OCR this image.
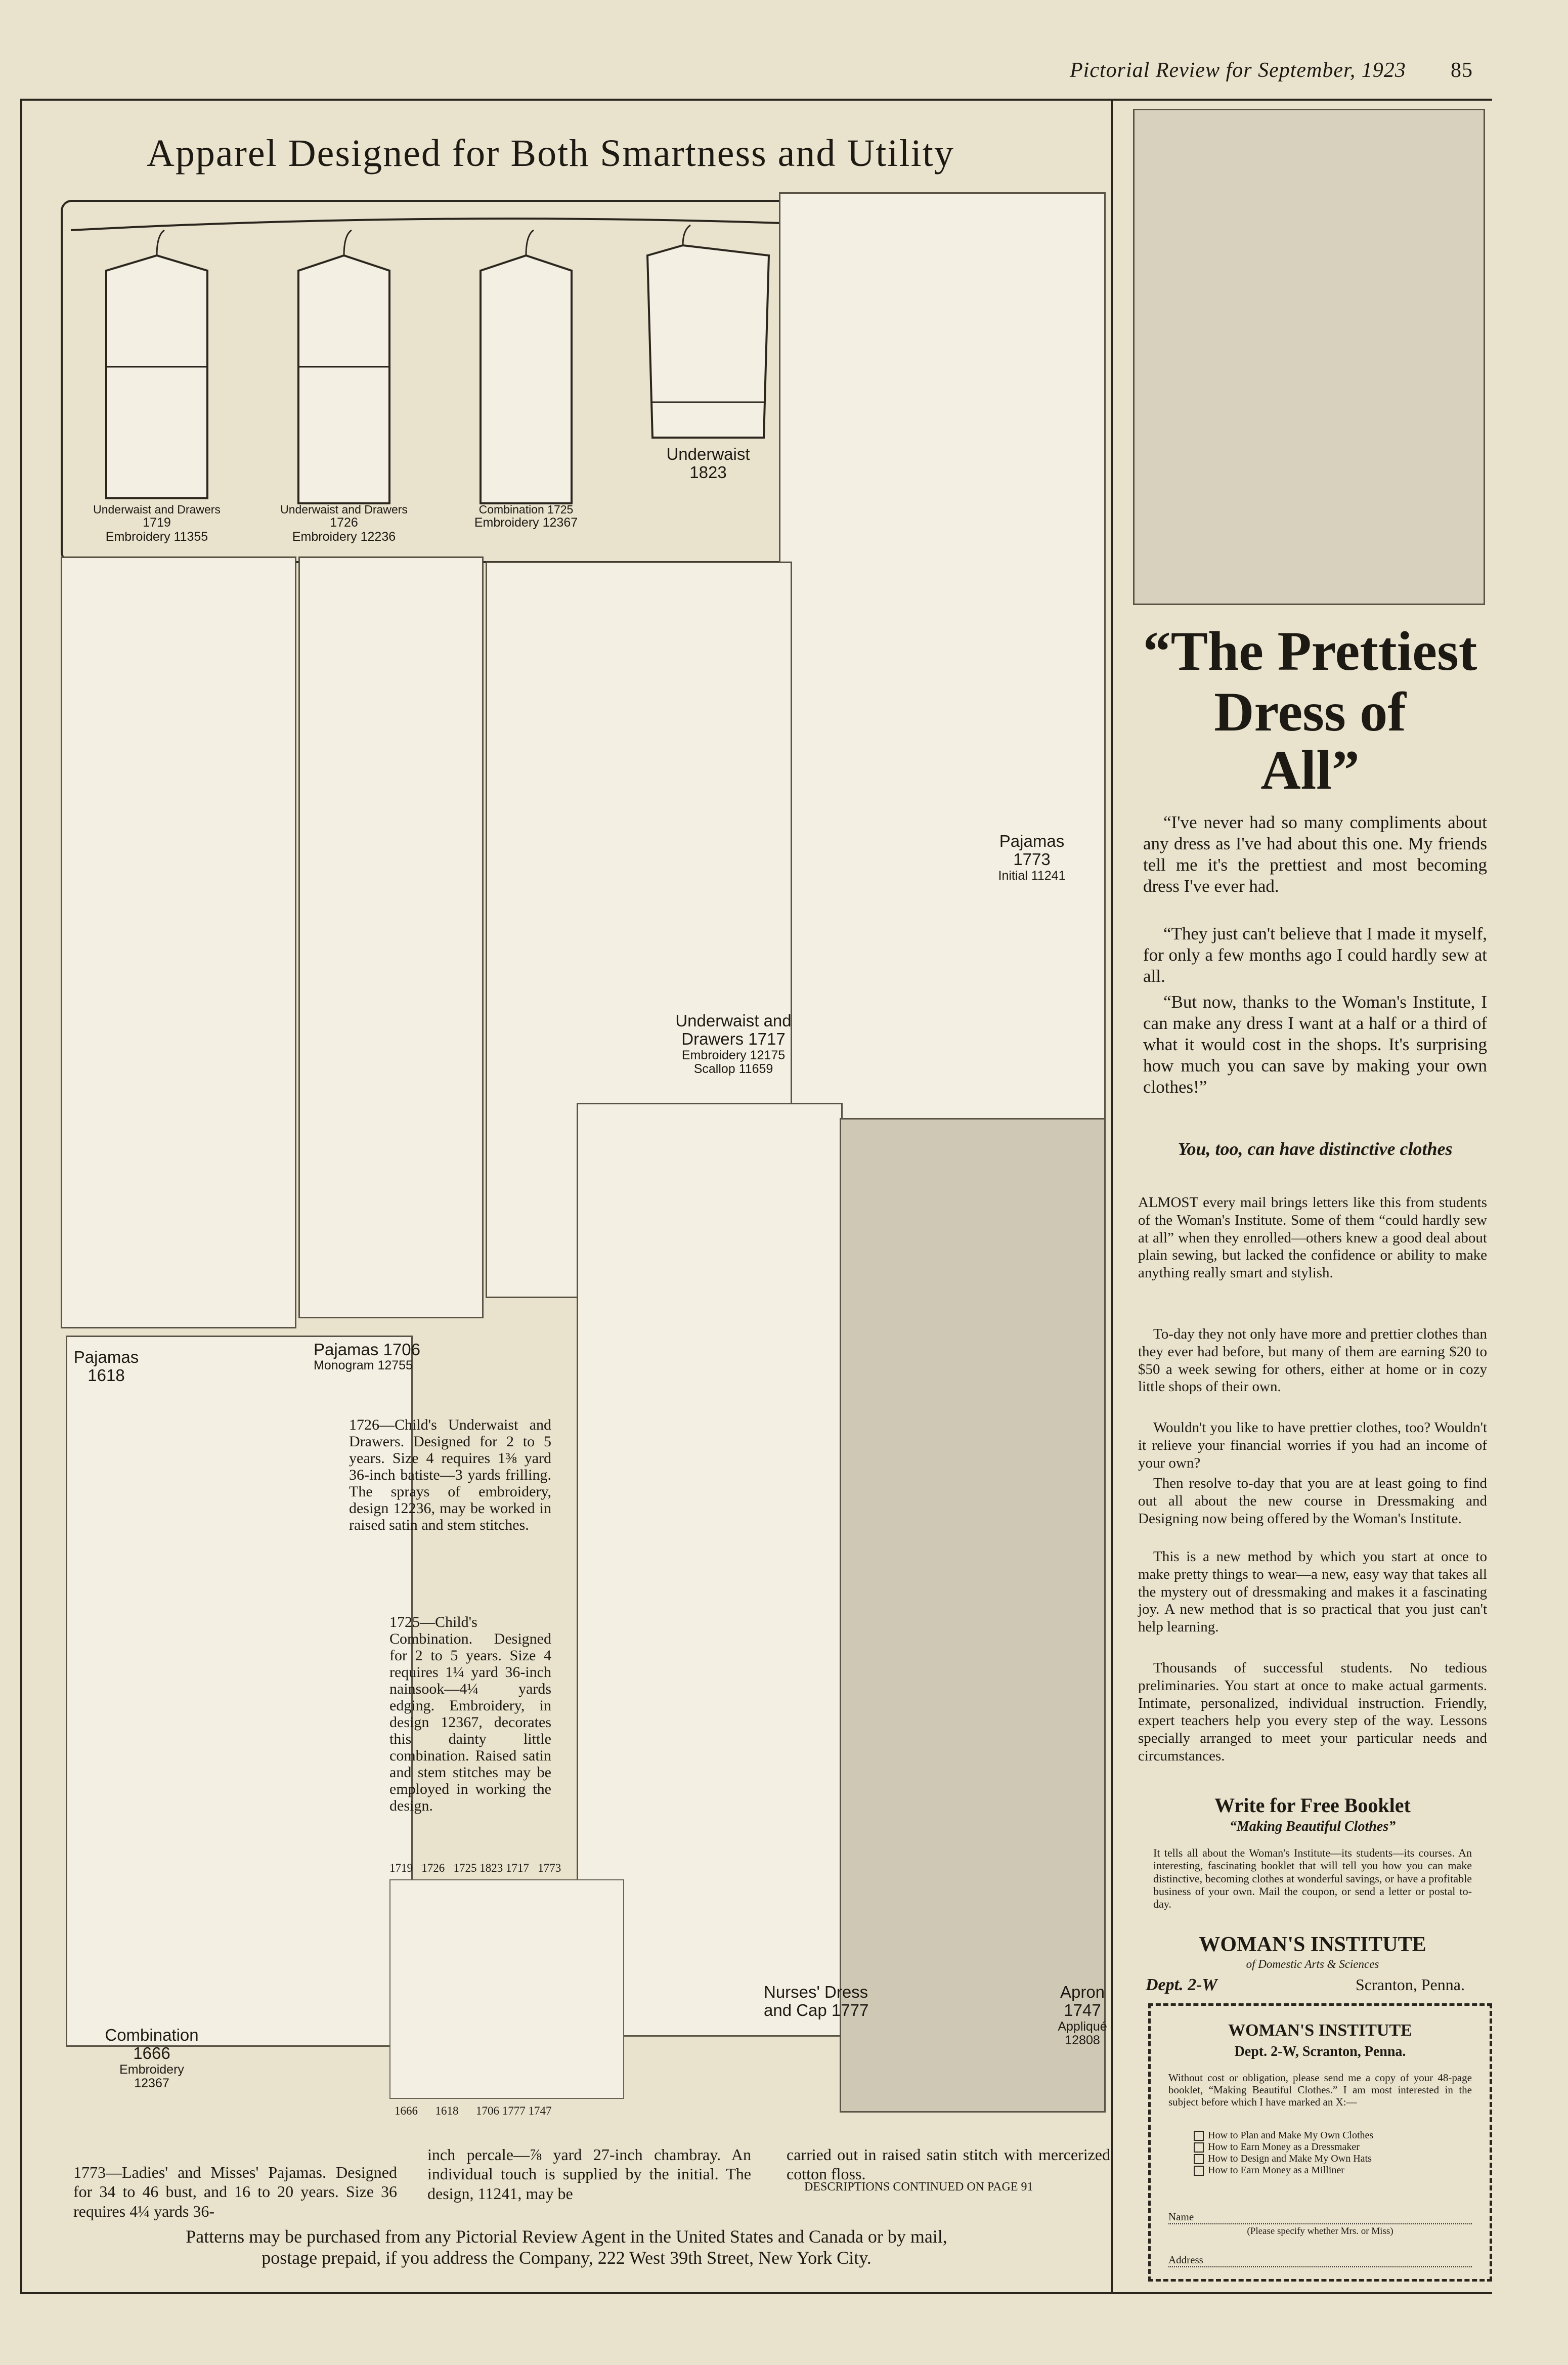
Pictorial Review for September, 1923 85
Apparel Designed for Both Smartness and Utility
Underwaist and Drawers
1719
Embroidery 11355
Underwaist and Drawers
1726
Embroidery 12236
Combination 1725
Embroidery 12367
Underwaist
1823
Pajamas
1773
Initial 11241
Pajamas
1618
Pajamas 1706
Monogram 12755
Underwaist and
Drawers 1717
Embroidery 12175
Scallop 11659
Combination
1666
Embroidery
12367
Nurses' Dress
and Cap 1777
Apron
1747
Appliqué
12808
1726—Child's Underwaist and Drawers. Designed for 2 to 5 years. Size 4 requires 1⅜ yard 36-inch batiste—3 yards frilling. The sprays of embroidery, design 12236, may be worked in raised satin and stem stitches.
1725—Child's Combination. Designed for 2 to 5 years. Size 4 requires 1¼ yard 36-inch nainsook—4¼ yards edging. Embroidery, in design 12367, decorates this dainty little combination. Raised satin and stem stitches may be employed in working the design.
1719   1726   1725 1823 1717   1773
1666      1618      1706 1777 1747
1773—Ladies' and Misses' Pajamas. Designed for 34 to 46 bust, and 16 to 20 years. Size 36 requires 4¼ yards 36-
inch percale—⅞ yard 27-inch chambray. An individual touch is supplied by the initial. The design, 11241, may be
carried out in raised satin stitch with mercerized cotton floss.
DESCRIPTIONS CONTINUED ON PAGE 91
Patterns may be purchased from any Pictorial Review Agent in the United States and Canada or by mail,
postage prepaid, if you address the Company, 222 West 39th Street, New York City.
“The Prettiest
Dress of
All”
“I've never had so many compliments about any dress as I've had about this one. My friends tell me it's the prettiest and most becoming dress I've ever had.
“They just can't believe that I made it myself, for only a few months ago I could hardly sew at all.
“But now, thanks to the Woman's Institute, I can make any dress I want at a half or a third of what it would cost in the shops. It's surprising how much you can save by making your own clothes!”
You, too, can have distinctive clothes
ALMOST every mail brings letters like this from students of the Woman's Institute. Some of them “could hardly sew at all” when they enrolled—others knew a good deal about plain sewing, but lacked the confidence or ability to make anything really smart and stylish.
To-day they not only have more and prettier clothes than they ever had before, but many of them are earning $20 to $50 a week sewing for others, either at home or in cozy little shops of their own.
Wouldn't you like to have prettier clothes, too? Wouldn't it relieve your financial worries if you had an income of your own?
Then resolve to-day that you are at least going to find out all about the new course in Dressmaking and Designing now being offered by the Woman's Institute.
This is a new method by which you start at once to make pretty things to wear—a new, easy way that takes all the mystery out of dressmaking and makes it a fascinating joy. A new method that is so practical that you just can't help learning.
Thousands of successful students. No tedious preliminaries. You start at once to make actual garments. Intimate, personalized, individual instruction. Friendly, expert teachers help you every step of the way. Lessons specially arranged to meet your particular needs and circumstances.
Write for Free Booklet
“Making Beautiful Clothes”
It tells all about the Woman's Institute—its students—its courses. An interesting, fascinating booklet that will tell you how you can make distinctive, becoming clothes at wonderful savings, or have a profitable business of your own. Mail the coupon, or send a letter or postal to-day.
WOMAN'S INSTITUTE
of Domestic Arts & Sciences
Dept. 2-W	Scranton, Penna.
WOMAN'S INSTITUTE
Dept. 2-W, Scranton, Penna.
Without cost or obligation, please send me a copy of your 48-page booklet, “Making Beautiful Clothes.” I am most interested in the subject before which I have marked an X:—
How to Plan and Make My Own Clothes
How to Earn Money as a Dressmaker
How to Design and Make My Own Hats
How to Earn Money as a Milliner
Name
(Please specify whether Mrs. or Miss)
Address
